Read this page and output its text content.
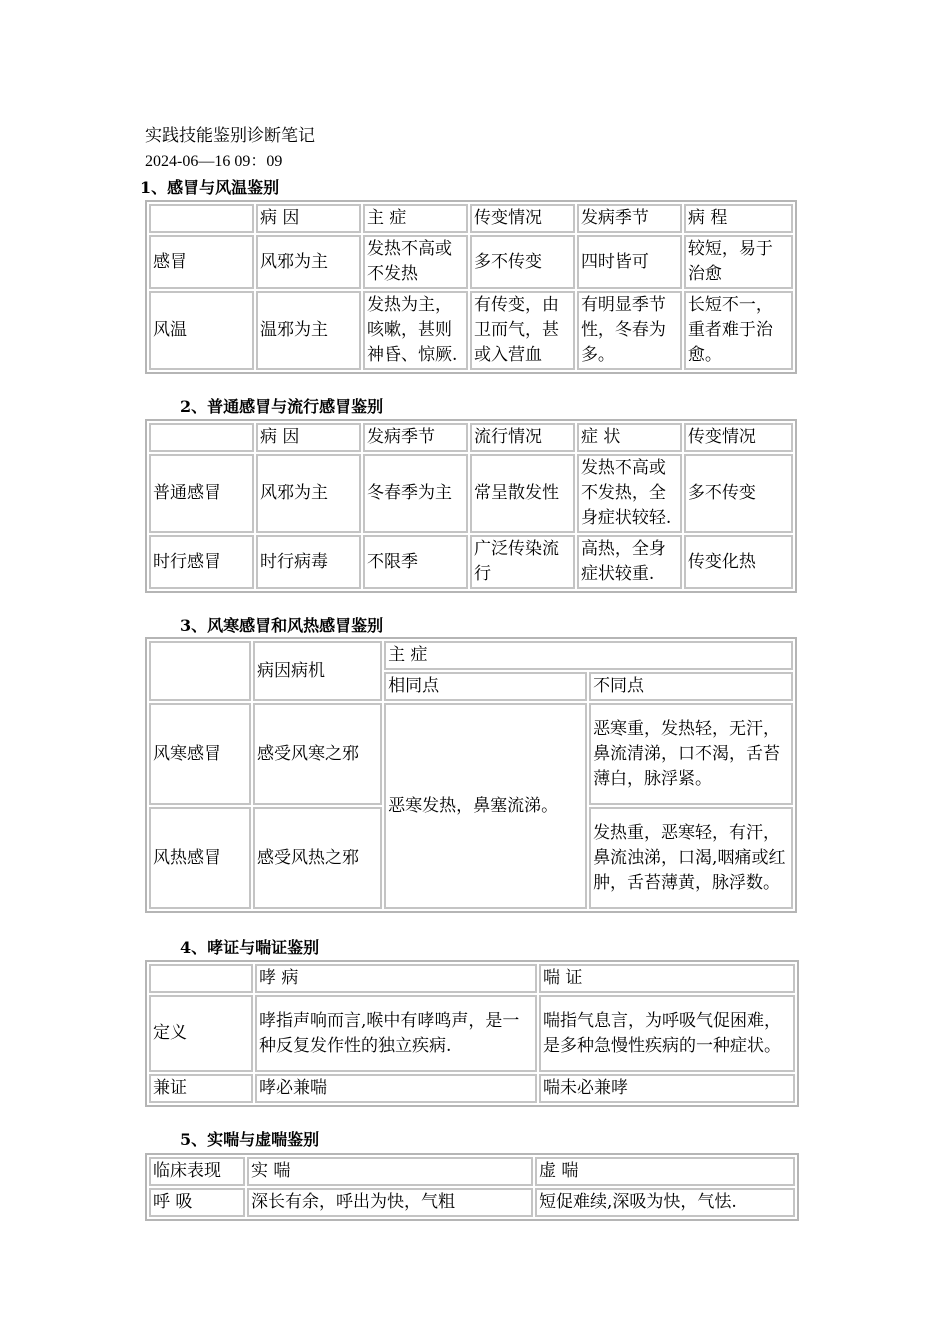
实践技能鉴别诊断笔记
2024-06—16 09：09
1、感冒与风温鉴别
	病 因	主 症	传变情况	发病季节	病 程
感冒	风邪为主	发热不高或不发热	多不传变	四时皆可	较短，易于治愈
风温	温邪为主	发热为主，咳嗽，甚则神昏、惊厥.	有传变，由卫而气，甚或入营血	有明显季节性，冬春为多。	长短不一，重者难于治愈。
2、普通感冒与流行感冒鉴别
	病 因	发病季节	流行情况	症 状	传变情况
普通感冒	风邪为主	冬春季为主	常呈散发性	发热不高或不发热，全身症状较轻.	多不传变
时行感冒	时行病毒	不限季	广泛传染流行	高热，全身症状较重.	传变化热
3、风寒感冒和风热感冒鉴别
	病因病机	主 症	
		相同点	不同点
风寒感冒	感受风寒之邪	恶寒发热，鼻塞流涕。	恶寒重，发热轻，无汗，鼻流清涕，口不渴，舌苔薄白，脉浮紧。
风热感冒	感受风热之邪		发热重，恶寒轻，有汗，鼻流浊涕，口渴,咽痛或红肿，舌苔薄黄，脉浮数。
4、哮证与喘证鉴别
	哮 病	喘 证
定义	哮指声响而言,喉中有哮鸣声，是一种反复发作性的独立疾病.	喘指气息言，为呼吸气促困难，是多种急慢性疾病的一种症状。
兼证	哮必兼喘	喘未必兼哮
5、实喘与虚喘鉴别
临床表现	实 喘	虚 喘
呼 吸	深长有余，呼出为快，气粗	短促难续,深吸为快，气怯.
